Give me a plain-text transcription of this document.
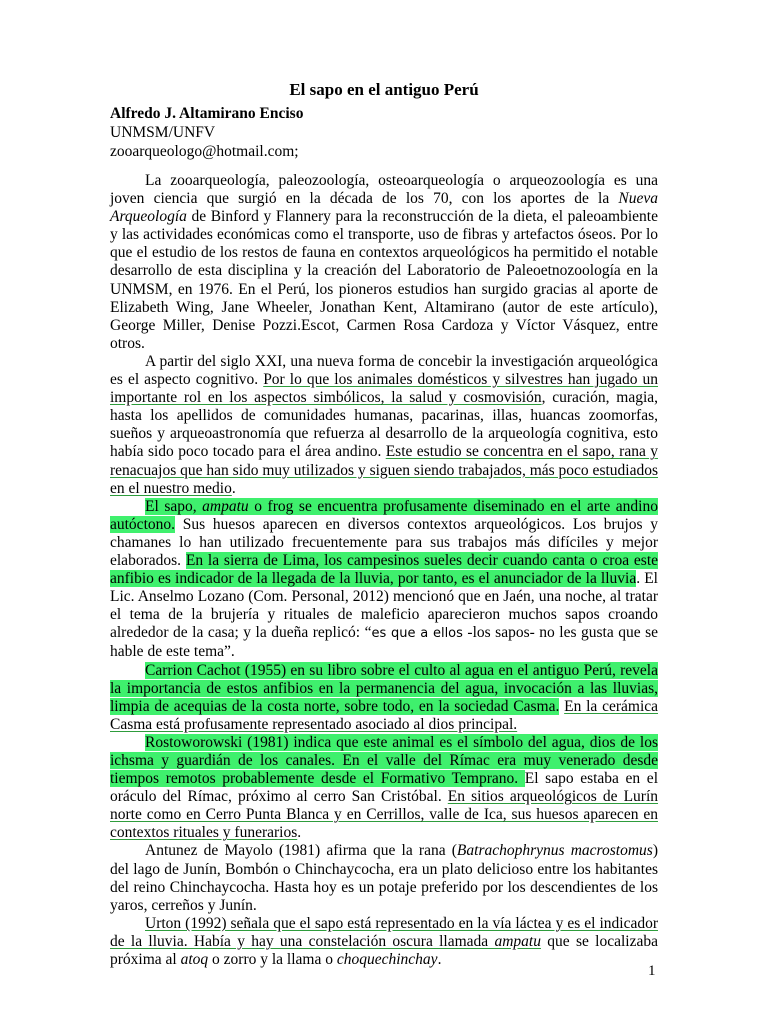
El sapo en el antiguo Perú
Alfredo J. Altamirano Enciso
UNMSM/UNFV
zooarqueologo@hotmail.com;

La zooarqueología, paleozoología, osteoarqueología o arqueozoología es una joven ciencia que surgió en la década de los 70, con los aportes de la Nueva Arqueología de Binford y Flannery para la reconstrucción de la dieta, el paleoambiente y las actividades económicas como el transporte, uso de fibras y artefactos óseos. Por lo que el estudio de los restos de fauna en contextos arqueológicos ha permitido el notable desarrollo de esta disciplina y la creación del Laboratorio de Paleoetnozoología en la UNMSM, en 1976. En el Perú, los pioneros estudios han surgido gracias al aporte de Elizabeth Wing, Jane Wheeler, Jonathan Kent, Altamirano (autor de este artículo), George Miller, Denise Pozzi.Escot, Carmen Rosa Cardoza y Víctor Vásquez, entre otros.

A partir del siglo XXI, una nueva forma de concebir la investigación arqueológica es el aspecto cognitivo. Por lo que los animales domésticos y silvestres han jugado un importante rol en los aspectos simbólicos, la salud y cosmovisión, curación, magia, hasta los apellidos de comunidades humanas, pacarinas, illas, huancas zoomorfas, sueños y arqueoastronomía que refuerza al desarrollo de la arqueología cognitiva, esto había sido poco tocado para el área andino. Este estudio se concentra en el sapo, rana y renacuajos que han sido muy utilizados y siguen siendo trabajados, más poco estudiados en el nuestro medio.

El sapo, ampatu o frog se encuentra profusamente diseminado en el arte andino autóctono. Sus huesos aparecen en diversos contextos arqueológicos. Los brujos y chamanes lo han utilizado frecuentemente para sus trabajos más difíciles y mejor elaborados. En la sierra de Lima, los campesinos sueles decir cuando canta o croa este anfibio es indicador de la llegada de la lluvia, por tanto, es el anunciador de la lluvia. El Lic. Anselmo Lozano (Com. Personal, 2012) mencionó que en Jaén, una noche, al tratar el tema de la brujería y rituales de maleficio aparecieron muchos sapos croando alrededor de la casa; y la dueña replicó: “es que a ellos -los sapos- no les gusta que se hable de este tema”.

Carrion Cachot (1955) en su libro sobre el culto al agua en el antiguo Perú, revela la importancia de estos anfibios en la permanencia del agua, invocación a las lluvias, limpia de acequias de la costa norte, sobre todo, en la sociedad Casma. En la cerámica Casma está profusamente representado asociado al dios principal.

Rostoworowski (1981) indica que este animal es el símbolo del agua, dios de los ichsma y guardián de los canales. En el valle del Rímac era muy venerado desde tiempos remotos probablemente desde el Formativo Temprano. El sapo estaba en el oráculo del Rímac, próximo al cerro San Cristóbal. En sitios arqueológicos de Lurín norte como en Cerro Punta Blanca y en Cerrillos, valle de Ica, sus huesos aparecen en contextos rituales y funerarios.

Antunez de Mayolo (1981) afirma que la rana (Batrachophrynus macrostomus) del lago de Junín, Bombón o Chinchaycocha, era un plato delicioso entre los habitantes del reino Chinchaycocha. Hasta hoy es un potaje preferido por los descendientes de los yaros, cerreños y Junín.

Urton (1992) señala que el sapo está representado en la vía láctea y es el indicador de la lluvia. Había y hay una constelación oscura llamada ampatu que se localizaba próxima al atoq o zorro y la llama o choquechinchay.

1
